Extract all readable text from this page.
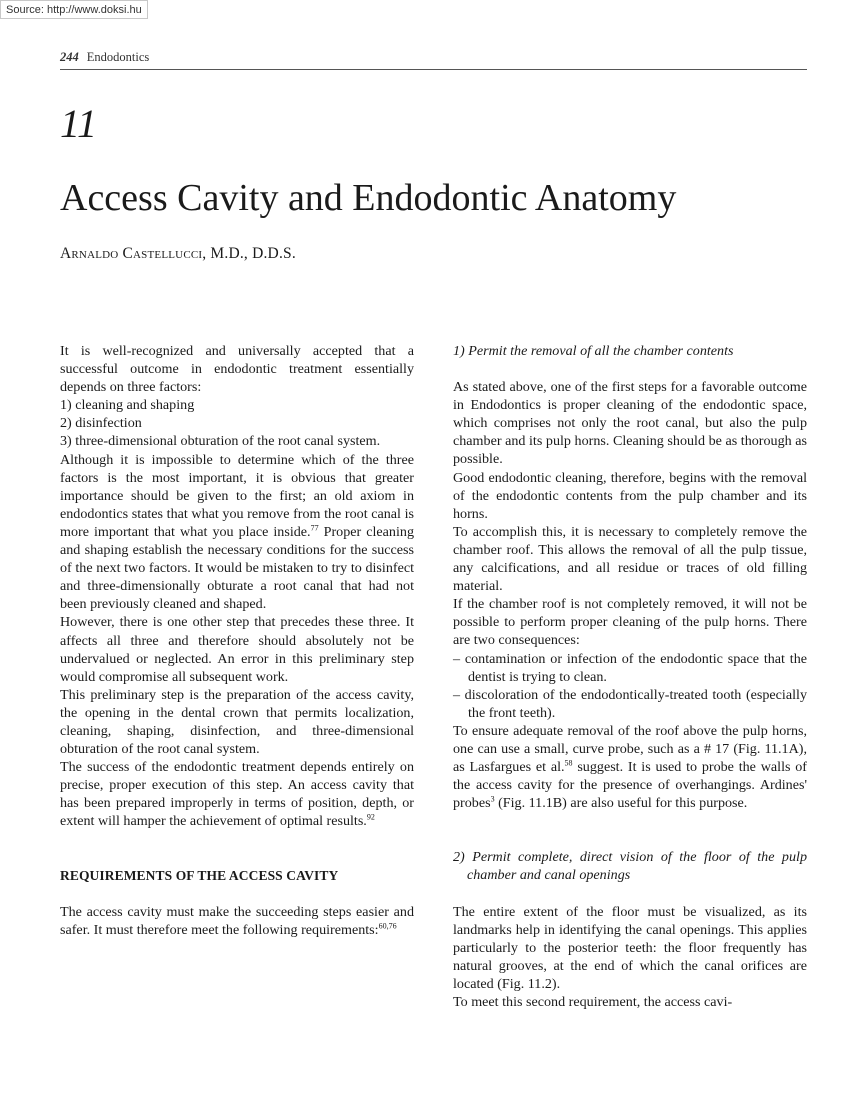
Source: http://www.doksi.hu
244 Endodontics
11
Access Cavity and Endodontic Anatomy
Arnaldo Castellucci, M.D., D.D.S.

It is well-recognized and universally accepted that a successful outcome in endodontic treatment essentially depends on three factors:

1) cleaning and shaping
2) disinfection
3) three-dimensional obturation of the root canal system.

Although it is impossible to determine which of the three factors is the most important, it is obvious that greater importance should be given to the first; an old axiom in endodontics states that what you remove from the root canal is more important that what you place inside.$^{77}$ Proper cleaning and shaping establish the necessary conditions for the success of the next two factors. It would be mistaken to try to disinfect and three-dimensionally obturate a root canal that had not been previously cleaned and shaped.

However, there is one other step that precedes these three. It affects all three and therefore should absolutely not be undervalued or neglected. An error in this preliminary step would compromise all subsequent work.

This preliminary step is the preparation of the access cavity, the opening in the dental crown that permits localization, cleaning, shaping, disinfection, and three-dimensional obturation of the root canal system.

The success of the endodontic treatment depends entirely on precise, proper execution of this step. An access cavity that has been prepared improperly in terms of position, depth, or extent will hamper the achievement of optimal results.$^{92}$

REQUIREMENTS OF THE ACCESS CAVITY

The access cavity must make the succeeding steps easier and safer. It must therefore meet the following requirements:$^{60,76}$

1) Permit the removal of all the chamber contents

As stated above, one of the first steps for a favorable outcome in Endodontics is proper cleaning of the endodontic space, which comprises not only the root canal, but also the pulp chamber and its pulp horns. Cleaning should be as thorough as possible.

Good endodontic cleaning, therefore, begins with the removal of the endodontic contents from the pulp chamber and its horns.

To accomplish this, it is necessary to completely remove the chamber roof. This allows the removal of all the pulp tissue, any calcifications, and all residue or traces of old filling material.

If the chamber roof is not completely removed, it will not be possible to perform proper cleaning of the pulp horns. There are two consequences:

– contamination or infection of the endodontic space that the dentist is trying to clean.
– discoloration of the endodontically-treated tooth (especially the front teeth).

To ensure adequate removal of the roof above the pulp horns, one can use a small, curve probe, such as a # 17 (Fig. 11.1A), as Lasfargues et al.$^{58}$ suggest. It is used to probe the walls of the access cavity for the presence of overhangings. Ardines' probes$^3$ (Fig. 11.1B) are also useful for this purpose.

2) Permit complete, direct vision of the floor of the pulp chamber and canal openings

The entire extent of the floor must be visualized, as its landmarks help in identifying the canal openings. This applies particularly to the posterior teeth: the floor frequently has natural grooves, at the end of which the canal orifices are located (Fig. 11.2).

To meet this second requirement, the access cavi-
